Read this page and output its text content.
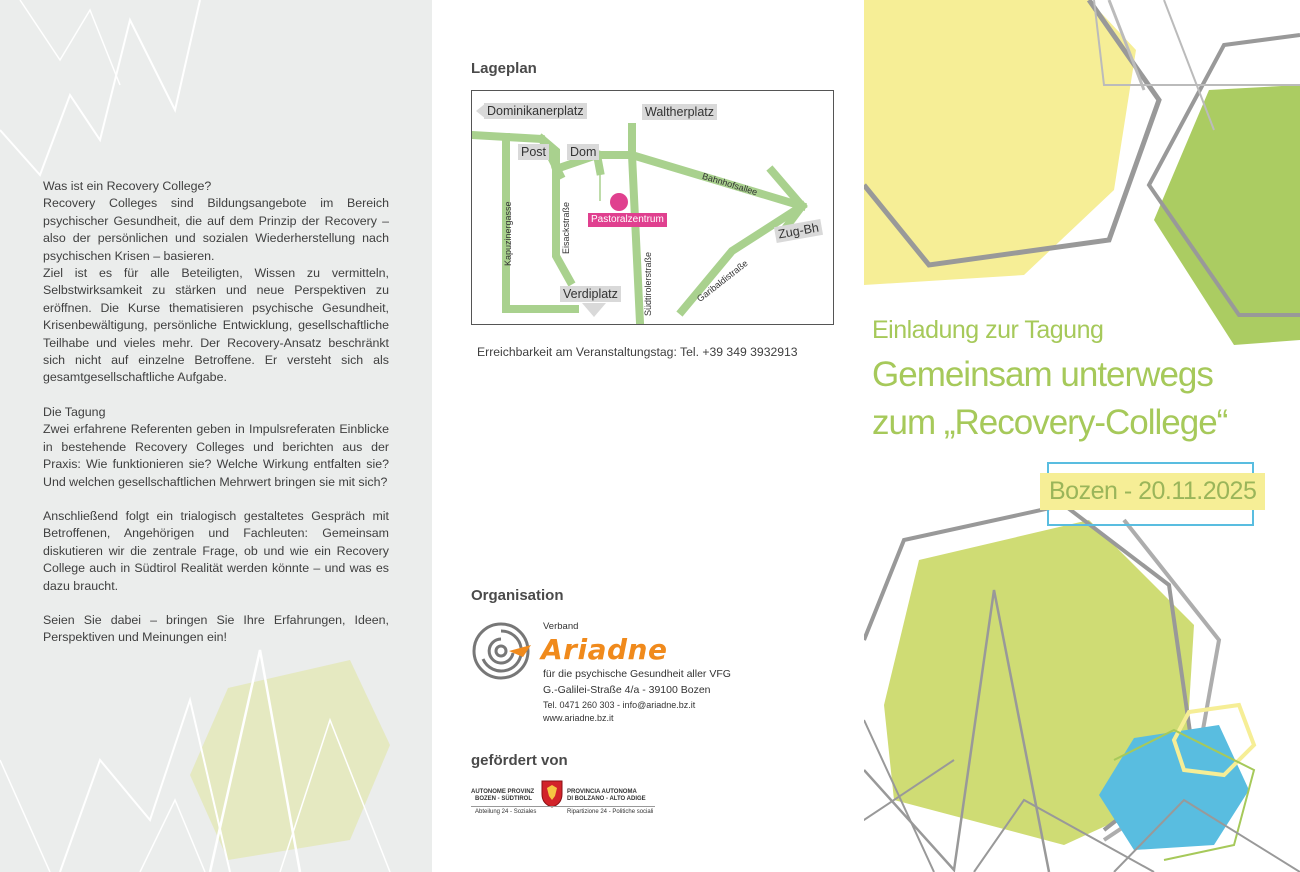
Was ist ein Recovery College?
Recovery Colleges sind Bildungsangebote im Bereich psychischer Gesundheit, die auf dem Prinzip der Recovery – also der persönlichen und sozialen Wiederherstellung nach psychischen Krisen – basieren.
Ziel ist es für alle Beteiligten, Wissen zu vermitteln, Selbstwirksamkeit zu stärken und neue Perspektiven zu eröffnen. Die Kurse thematisieren psychische Gesundheit, Krisenbewältigung, persönliche Entwicklung, gesellschaftliche Teilhabe und vieles mehr. Der Recovery-Ansatz beschränkt sich nicht auf einzelne Betroffene. Er versteht sich als gesamtgesellschaftliche Aufgabe.

Die Tagung
Zwei erfahrene Referenten geben in Impulsreferaten Einblicke in bestehende Recovery Colleges und berichten aus der Praxis: Wie funktionieren sie? Welche Wirkung entfalten sie? Und welchen gesellschaftlichen Mehrwert bringen sie mit sich?

Anschließend folgt ein trialogisch gestaltetes Gespräch mit Betroffenen, Angehörigen und Fachleuten: Gemeinsam diskutieren wir die zentrale Frage, ob und wie ein Recovery College auch in Südtirol Realität werden könnte – und was es dazu braucht.

Seien Sie dabei – bringen Sie Ihre Erfahrungen, Ideen, Perspektiven und Meinungen ein!

Lageplan
Dominikanerplatz	Waltherplatz
Post Dom
Verdiplatz
Zug-Bh
Pastoralzentrum
Kapuzinergasse	Eisackstraße
Südtirolerstraße
Bahnhofsallee
Garibaldistraße
Erreichbarkeit am Veranstaltungstag: Tel. +39 349 3932913
Organisation
Verband
Ariadne
für die psychische Gesundheit aller VFG
G.-Galilei-Straße 4/a - 39100 Bozen
Tel. 0471 260 303 - info@ariadne.bz.it
www.ariadne.bz.it
gefördert von
AUTONOME PROVINZ
BOZEN - SÜDTIROL
PROVINCIA AUTONOMA
DI BOLZANO - ALTO ADIGE
Abteilung 24 - Soziales	Ripartizione 24 - Politiche sociali
Einladung zur Tagung
Gemeinsam unterwegs
zum „Recovery-College“
Bozen - 20.11.2025
